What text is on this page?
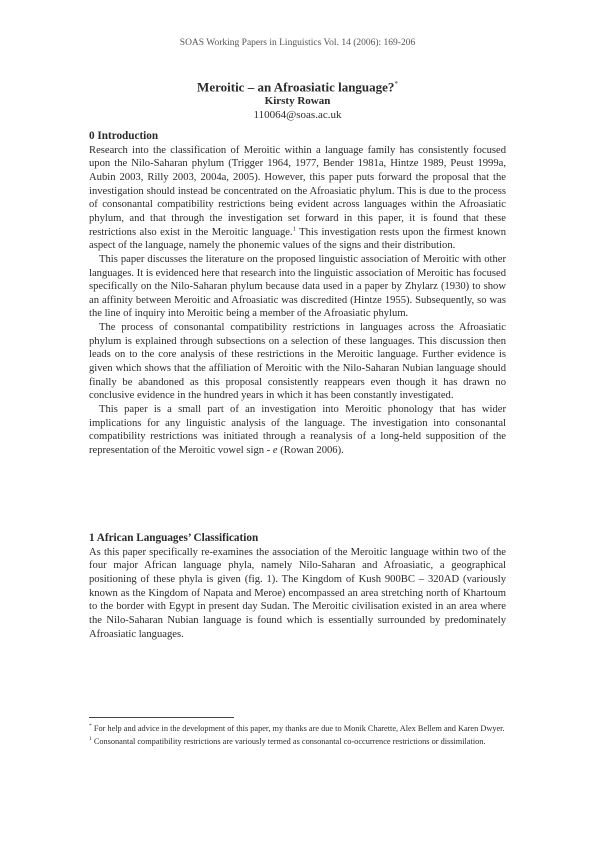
SOAS Working Papers in Linguistics Vol. 14 (2006): 169-206

Meroitic – an Afroasiatic language?*

Kirsty Rowan

110064@soas.ac.uk

0 Introduction

Research into the classification of Meroitic within a language family has consistently focused upon the Nilo-Saharan phylum (Trigger 1964, 1977, Bender 1981a, Hintze 1989, Peust 1999a, Aubin 2003, Rilly 2003, 2004a, 2005). However, this paper puts forward the proposal that the investigation should instead be concentrated on the Afroasiatic phylum. This is due to the process of consonantal compatibility restrictions being evident across languages within the Afroasiatic phylum, and that through the investigation set forward in this paper, it is found that these restrictions also exist in the Meroitic language.$^1$ This investigation rests upon the firmest known aspect of the language, namely the phonemic values of the signs and their distribution.

This paper discusses the literature on the proposed linguistic association of Meroitic with other languages. It is evidenced here that research into the linguistic association of Meroitic has focused specifically on the Nilo-Saharan phylum because data used in a paper by Zhylarz (1930) to show an affinity between Meroitic and Afroasiatic was discredited (Hintze 1955). Subsequently, so was the line of inquiry into Meroitic being a member of the Afroasiatic phylum.

The process of consonantal compatibility restrictions in languages across the Afroasiatic phylum is explained through subsections on a selection of these languages. This discussion then leads on to the core analysis of these restrictions in the Meroitic language. Further evidence is given which shows that the affiliation of Meroitic with the Nilo-Saharan Nubian language should finally be abandoned as this proposal consistently reappears even though it has drawn no conclusive evidence in the hundred years in which it has been constantly investigated.

This paper is a small part of an investigation into Meroitic phonology that has wider implications for any linguistic analysis of the language. The investigation into consonantal compatibility restrictions was initiated through a reanalysis of a long-held supposition of the representation of the Meroitic vowel sign - e (Rowan 2006).

1 African Languages’ Classification

As this paper specifically re-examines the association of the Meroitic language within two of the four major African language phyla, namely Nilo-Saharan and Afroasiatic, a geographical positioning of these phyla is given (fig. 1). The Kingdom of Kush 900BC – 320AD (variously known as the Kingdom of Napata and Meroe) encompassed an area stretching north of Khartoum to the border with Egypt in present day Sudan. The Meroitic civilisation existed in an area where the Nilo-Saharan Nubian language is found which is essentially surrounded by predominately Afroasiatic languages.

* For help and advice in the development of this paper, my thanks are due to Monik Charette, Alex Bellem and Karen Dwyer.

$^1$ Consonantal compatibility restrictions are variously termed as consonantal co-occurrence restrictions or dissimilation.
